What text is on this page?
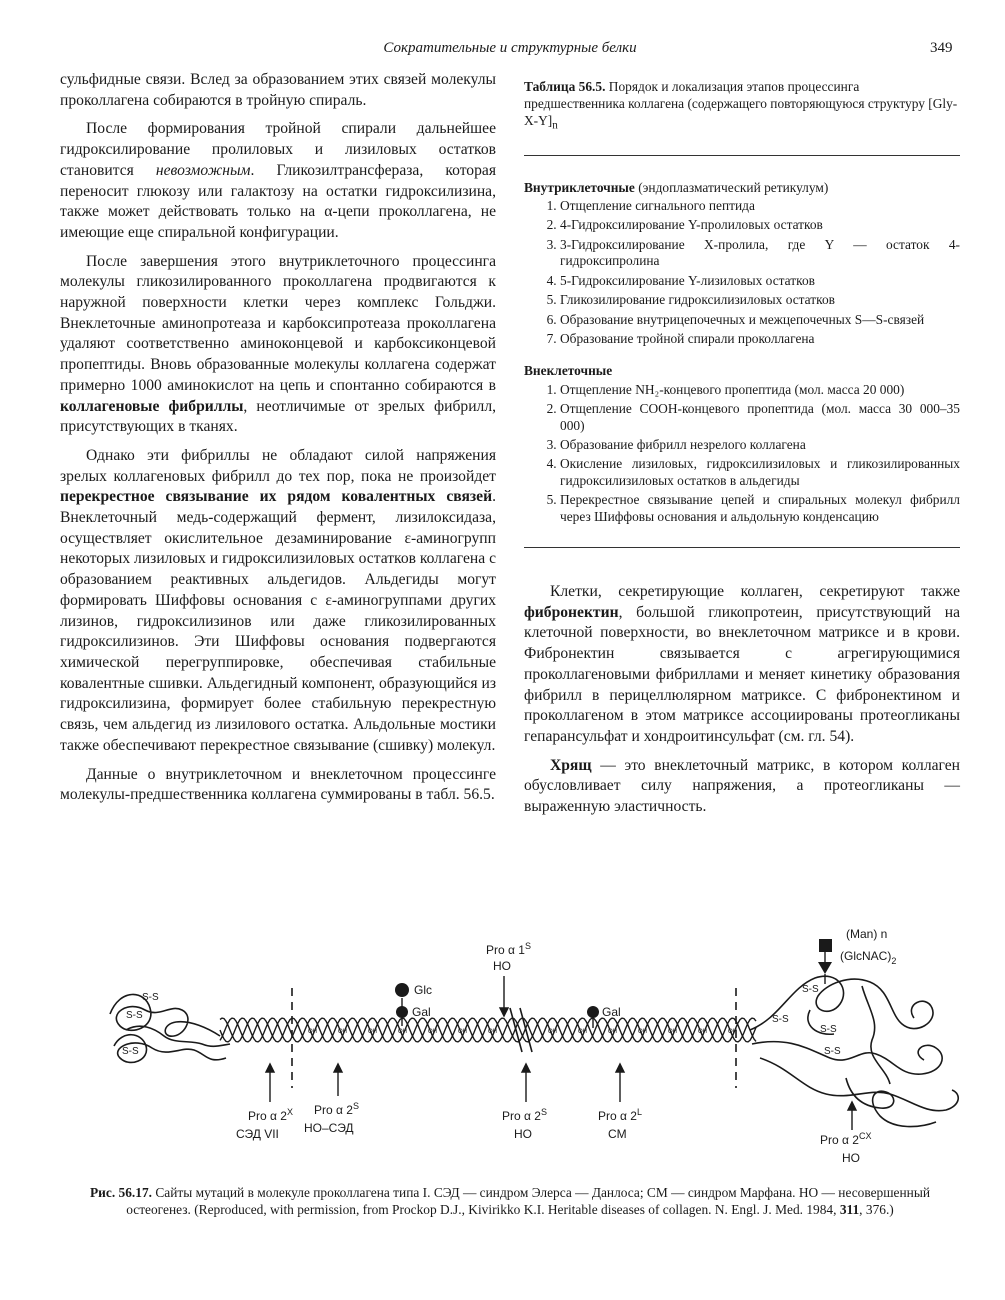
Сократительные и структурные белки	349

сульфидные связи. Вслед за образованием этих связей молекулы проколлагена собираются в тройную спираль.

После формирования тройной спирали дальнейшее гидроксилирование пролиловых и лизиловых остатков становится невозможным. Гликозилтрансфераза, которая переносит глюкозу или галактозу на остатки гидроксилизина, также может действовать только на α-цепи проколлагена, не имеющие еще спиральной конфигурации.

После завершения этого внутриклеточного процессинга молекулы гликозилированного проколлагена продвигаются к наружной поверхности клетки через комплекс Гольджи. Внеклеточные аминопротеаза и карбоксипротеаза проколлагена удаляют соответственно аминоконцевой и карбоксиконцевой пропептиды. Вновь образованные молекулы коллагена содержат примерно 1000 аминокислот на цепь и спонтанно собираются в коллагеновые фибриллы, неотличимые от зрелых фибрилл, присутствующих в тканях.

Однако эти фибриллы не обладают силой напряжения зрелых коллагеновых фибрилл до тех пор, пока не произойдет перекрестное связывание их рядом ковалентных связей. Внеклеточный медь-содержащий фермент, лизилоксидаза, осуществляет окислительное дезаминирование ε-аминогрупп некоторых лизиловых и гидроксилизиловых остатков коллагена с образованием реактивных альдегидов. Альдегиды могут формировать Шиффовы основания с ε-аминогруппами других лизинов, гидроксилизинов или даже гликозилированных гидроксилизинов. Эти Шиффовы основания подвергаются химической перегруппировке, обеспечивая стабильные ковалентные сшивки. Альдегидный компонент, образующийся из гидроксилизина, формирует более стабильную перекрестную связь, чем альдегид из лизилового остатка. Альдольные мостики также обеспечивают перекрестное связывание (сшивку) молекул.

Данные о внутриклеточном и внеклеточном процессинге молекулы-предшественника коллагена суммированы в табл. 56.5.

Таблица 56.5. Порядок и локализация этапов процессинга предшественника коллагена (содержащего повторяющуюся структуру $[Gly-X-Y]_n$
Внутриклеточные (эндоплазматический ретикулум)
1. Отщепление сигнального пептида
2. 4-Гидроксилирование Y-пролиловых остатков
3. 3-Гидроксилирование X-пролила, где Y — остаток 4-гидроксипролина
4. 5-Гидроксилирование Y-лизиловых остатков
5. Гликозилирование гидроксилизиловых остатков
6. Образование внутрицепочечных и межцепочечных S—S-связей
7. Образование тройной спирали проколлагена
Внеклеточные
1. Отщепление NH₂-концевого пропептида (мол. масса 20 000)
2. Отщепление COOH-концевого пропептида (мол. масса 30 000–35 000)
3. Образование фибрилл незрелого коллагена
4. Окисление лизиловых, гидроксилизиловых и гликозилированных гидроксилизиловых остатков в альдегиды
5. Перекрестное связывание цепей и спиральных молекул фибрилл через Шиффовы основания и альдольную конденсацию

Клетки, секретирующие коллаген, секретируют также фибронектин, большой гликопротеин, присутствующий на клеточной поверхности, во внеклеточном матриксе и в крови. Фибронектин связывается с агрегирующимися проколлагеновыми фибриллами и меняет кинетику образования фибрилл в перицеллюлярном матриксе. С фибронектином и проколлагеном в этом матриксе ассоциированы протеогликаны гепарансульфат и хондроитинсульфат (см. гл. 54).

Хрящ — это внеклеточный матрикс, в котором коллаген обусловливает силу напряжения, а протеогликаны — выраженную эластичность.

S-S
S-S
S-S
OH	OH	OH	OH	OH	OH	OH	OH	OH	OH	OH	OH	OH	OH
Glc
Gal	Gal
Pro α $1^S$
HO
S-S
S-S
S-S
S-S
(Man) n
$(GlcNAC)_2$
Pro α $2^X$
СЭД VII
Pro α $2^S$
HO–СЭД
Pro α $2^S$
HO
Pro α $2^L$
CM	Pro α $2^{CX}$
HO
Рис. 56.17. Сайты мутаций в молекуле проколлагена типа I. СЭД — синдром Элерса — Данлоса; СМ — синдром Марфана. НО — несовершенный остеогенез. (Reproduced, with permission, from Prockop D.J., Kivirikko K.I. Heritable diseases of collagen. N. Engl. J. Med. 1984, 311, 376.)
